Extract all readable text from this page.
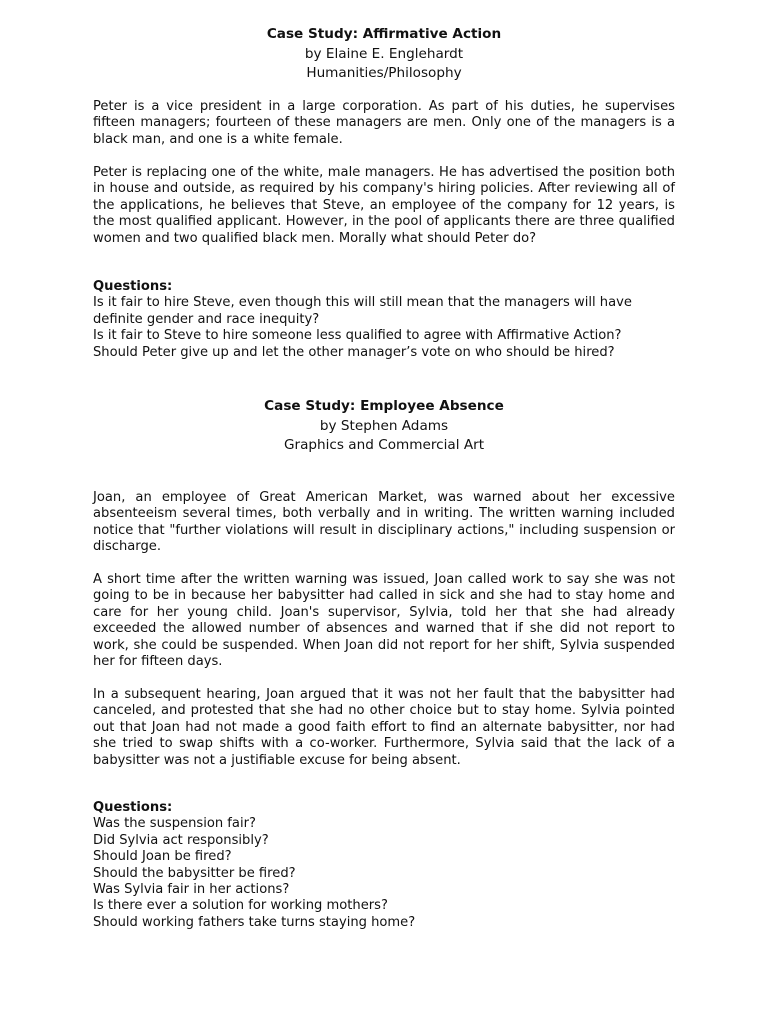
Case Study: Affirmative Action
by Elaine E. Englehardt
Humanities/Philosophy

Peter is a vice president in a large corporation. As part of his duties, he supervises fifteen managers; fourteen of these managers are men. Only one of the managers is a black man, and one is a white female.

Peter is replacing one of the white, male managers. He has advertised the position both in house and outside, as required by his company's hiring policies. After reviewing all of the applications, he believes that Steve, an employee of the company for 12 years, is the most qualified applicant. However, in the pool of applicants there are three qualified women and two qualified black men. Morally what should Peter do?

Questions:
Is it fair to hire Steve, even though this will still mean that the managers will have definite gender and race inequity?
Is it fair to Steve to hire someone less qualified to agree with Affirmative Action?
Should Peter give up and let the other manager’s vote on who should be hired?
Case Study: Employee Absence
by Stephen Adams
Graphics and Commercial Art

Joan, an employee of Great American Market, was warned about her excessive absenteeism several times, both verbally and in writing. The written warning included notice that "further violations will result in disciplinary actions," including suspension or discharge.

A short time after the written warning was issued, Joan called work to say she was not going to be in because her babysitter had called in sick and she had to stay home and care for her young child. Joan's supervisor, Sylvia, told her that she had already exceeded the allowed number of absences and warned that if she did not report to work, she could be suspended. When Joan did not report for her shift, Sylvia suspended her for fifteen days.

In a subsequent hearing, Joan argued that it was not her fault that the babysitter had canceled, and protested that she had no other choice but to stay home. Sylvia pointed out that Joan had not made a good faith effort to find an alternate babysitter, nor had she tried to swap shifts with a co-worker. Furthermore, Sylvia said that the lack of a babysitter was not a justifiable excuse for being absent.

Questions:
Was the suspension fair?
Did Sylvia act responsibly?
Should Joan be fired?
Should the babysitter be fired?
Was Sylvia fair in her actions?
Is there ever a solution for working mothers?
Should working fathers take turns staying home?
